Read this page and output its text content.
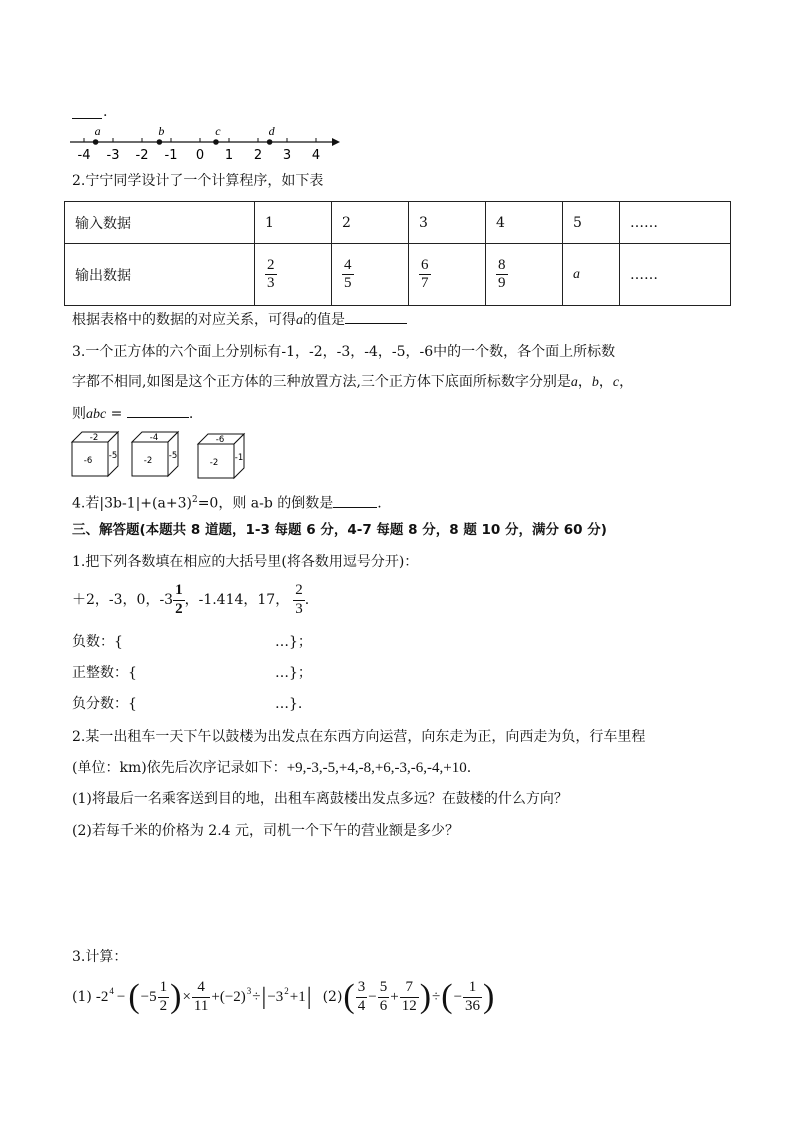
.
-4 -3 -2 -1 0 1 2 3 4
a	b	c	d
2.宁宁同学设计了一个计算程序，如下表
输入数据	1	2	3	4	5	……
输出数据	$\frac{2}{3}$	$\frac{4}{5}$	$\frac{6}{7}$	$\frac{8}{9}$	a	……
根据表格中的数据的对应关系，可得a的值是
3.一个正方体的六个面上分别标有-1，-2，-3，-4，-5，-6中的一个数，各个面上所标数
字都不相同,如图是这个正方体的三种放置方法,三个正方体下底面所标数字分别是a，b，c，
则abc =	.
-2
-6 -5
-4
-2 -5
-6
-2 -1
4.若$|3b-1|+(a+3)^2=0$，则 a-b 的倒数是	.
三、解答题(本题共 8 道题，1-3 每题 6 分，4-7 每题 8 分，8 题 10 分，满分 60 分)
1.把下列各数填在相应的大括号里(将各数用逗号分开)：
＋2，-3，0，$-3 \frac{1}{2}$ ，-1.414，17， $\frac{2}{3}$ .
负数：{	…}；
正整数：{	…}；
负分数：{	…}.
2.某一出租车一天下午以鼓楼为出发点在东西方向运营，向东走为正，向西走为负，行车里程
(单位：km)依先后次序记录如下：+9,-3,-5,+4,-8,+6,-3,-6,-4,+10.
(1)将最后一名乘客送到目的地，出租车离鼓楼出发点多远？在鼓楼的什么方向？
(2)若每千米的价格为 2.4 元，司机一个下午的营业额是多少？
3.计算：
(1) $-2^4$ − ( $-5 \frac{1}{2}$ ) × $\frac{4}{11} +(-2)^3$ ÷ | $-3^2 +1$ | (2) ( $\frac{3}{4} - \frac{5}{6} + \frac{7}{12}$ ) ÷ ( − $\frac{1}{36}$ )
